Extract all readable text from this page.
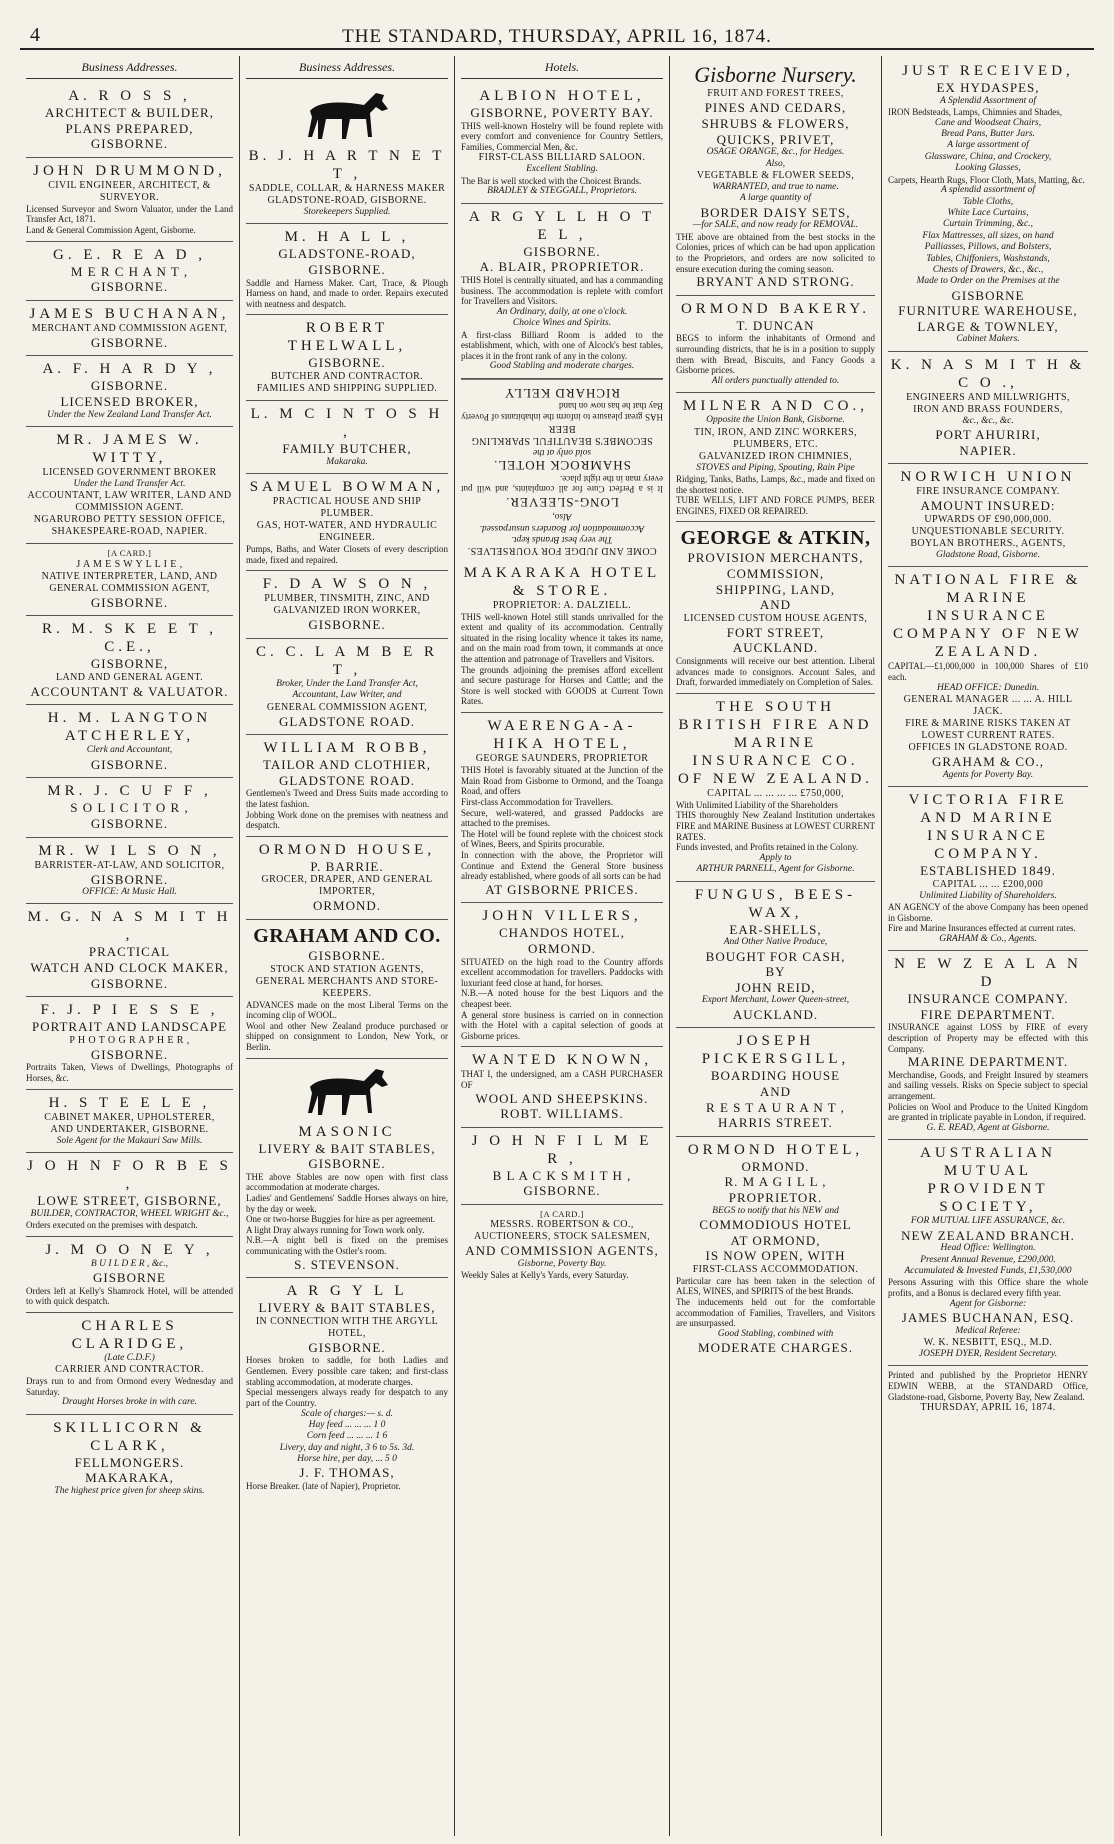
4	THE STANDARD, THURSDAY, APRIL 16, 1874.
Business Addresses.
A. R O S S ,
ARCHITECT & BUILDER,
PLANS PREPARED,
GISBORNE.
JOHN DRUMMOND,
CIVIL ENGINEER, ARCHITECT, & SURVEYOR.
Licensed Surveyor and Sworn Valuator, under the Land Transfer Act, 1871.
Land & General Commission Agent, Gisborne.
G. E. R E A D ,
M E R C H A N T ,
GISBORNE.
JAMES BUCHANAN,
MERCHANT AND COMMISSION AGENT,
GISBORNE.
A. F. H A R D Y ,
GISBORNE.
LICENSED BROKER,
Under the New Zealand Land Transfer Act.
MR. JAMES W. WITTY,
LICENSED GOVERNMENT BROKER
Under the Land Transfer Act.
ACCOUNTANT, LAW WRITER, LAND AND COMMISSION AGENT.
NGARUROBO PETTY SESSION OFFICE, SHAKESPEARE-ROAD, NAPIER.
[A CARD.]
J A M E S W Y L L I E ,
NATIVE INTERPRETER, LAND, AND GENERAL COMMISSION AGENT,
GISBORNE.
R. M. S K E E T , C.E.,
GISBORNE,
LAND AND GENERAL AGENT.
ACCOUNTANT & VALUATOR.
H. M. LANGTON ATCHERLEY,
Clerk and Accountant,
GISBORNE.
MR. J. C U F F ,
S O L I C I T O R ,
GISBORNE.
MR. W I L S O N ,
BARRISTER-AT-LAW, AND SOLICITOR,
GISBORNE.
OFFICE: At Music Hall.
M. G. N A S M I T H ,
PRACTICAL
WATCH AND CLOCK MAKER,
GISBORNE.
F. J. P I E S S E ,
PORTRAIT AND LANDSCAPE
P H O T O G R A P H E R ,
GISBORNE.
Portraits Taken, Views of Dwellings, Photographs of Horses, &c.
H. S T E E L E ,
CABINET MAKER, UPHOLSTERER,
AND UNDERTAKER, GISBORNE.
Sole Agent for the Makauri Saw Mills.
J O H N F O R B E S ,
LOWE STREET, GISBORNE,
BUILDER, CONTRACTOR, WHEEL WRIGHT &c.,
Orders executed on the premises with despatch.
J. M O O N E Y ,
B U I L D E R , &c.,
GISBORNE
Orders left at Kelly's Shamrock Hotel, will be attended to with quick despatch.
CHARLES CLARIDGE,
(Late C.D.F.)
CARRIER AND CONTRACTOR.
Drays run to and from Ormond every Wednesday and Saturday.
Draught Horses broke in with care.
SKILLICORN & CLARK,
FELLMONGERS.
MAKARAKA,
The highest price given for sheep skins.
Business Addresses.
B. J. H A R T N E T T ,
SADDLE, COLLAR, & HARNESS MAKER
GLADSTONE-ROAD, GISBORNE.
Storekeepers Supplied.
M. H A L L ,
GLADSTONE-ROAD,
GISBORNE.
Saddle and Harness Maker. Cart, Trace, & Plough Harness on hand, and made to order. Repairs executed with neatness and despatch.
ROBERT THELWALL,
GISBORNE.
BUTCHER AND CONTRACTOR.
FAMILIES AND SHIPPING SUPPLIED.
L. M C I N T O S H ,
FAMILY BUTCHER,
Makaraka.
SAMUEL BOWMAN,
PRACTICAL HOUSE AND SHIP PLUMBER.
GAS, HOT-WATER, AND HYDRAULIC ENGINEER.
Pumps, Baths, and Water Closets of every description made, fixed and repaired.
F. D A W S O N ,
PLUMBER, TINSMITH, ZINC, AND GALVANIZED IRON WORKER,
GISBORNE.
C. C. L A M B E R T ,
Broker, Under the Land Transfer Act,
Accountant, Law Writer, and
GENERAL COMMISSION AGENT,
GLADSTONE ROAD.
WILLIAM ROBB,
TAILOR AND CLOTHIER,
GLADSTONE ROAD.
Gentlemen's Tweed and Dress Suits made according to the latest fashion.
Jobbing Work done on the premises with neatness and despatch.
ORMOND HOUSE,
P. BARRIE.
GROCER, DRAPER, AND GENERAL IMPORTER,
ORMOND.
GRAHAM AND CO.
GISBORNE.
STOCK AND STATION AGENTS,
GENERAL MERCHANTS AND STORE-KEEPERS.
ADVANCES made on the most Liberal Terms on the incoming clip of WOOL.
Wool and other New Zealand produce purchased or shipped on consignment to London, New York, or Berlin.
MASONIC
LIVERY & BAIT STABLES,
GISBORNE.
THE above Stables are now open with first class accommodation at moderate charges.
Ladies' and Gentlemens' Saddle Horses always on hire, by the day or week.
One or two-horse Buggies for hire as per agreement.
A light Dray always running for Town work only.
N.B.—A night bell is fixed on the premises communicating with the Ostler's room.
S. STEVENSON.
A R G Y L L
LIVERY & BAIT STABLES,
IN CONNECTION WITH THE ARGYLL HOTEL,
GISBORNE.
Horses broken to saddle, for both Ladies and Gentlemen. Every possible care taken; and first-class stabling accommodation, at moderate charges.
Special messengers always ready for despatch to any part of the Country.
Scale of charges:— s. d.
Hay feed ... ... ... 1 0
Corn feed ... ... ... 1 6
Livery, day and night, 3 6 to 5s. 3d.
Horse hire, per day, ... 5 0
J. F. THOMAS,
Horse Breaker. (late of Napier), Proprietor.
Hotels.
ALBION HOTEL,
GISBORNE, POVERTY BAY.
THIS well-known Hostelry will be found replete with every comfort and convenience for Country Settlers, Families, Commercial Men, &c.
FIRST-CLASS BILLIARD SALOON.
Excellent Stabling.
The Bar is well stocked with the Choicest Brands.
BRADLEY & STEGGALL, Proprietors.
A R G Y L L H O T E L ,
GISBORNE.
A. BLAIR, PROPRIETOR.
THIS Hotel is centrally situated, and has a commanding business. The accommodation is replete with comfort for Travellers and Visitors.
An Ordinary, daily, at one o'clock.
Choice Wines and Spirits.
A first-class Billiard Room is added to the establishment, which, with one of Alcock's best tables, places it in the front rank of any in the colony.
Good Stabling and moderate charges.
COME AND JUDGE FOR YOURSELVES.
The very best Brands kept.
Accommodation for Boarders unsurpassed.
Also,
LONG-SLEEVER.
It is a Perfect Cure for all complaints, and will put every man in the right place.
SHAMROCK HOTEL.
sold only at the
SECOMBE'S BEAUTIFUL SPARKLING BEER
HAS great pleasure to inform the inhabitants of Poverty Bay that he has now on hand
RICHARD KELLY
MAKARAKA HOTEL & STORE.
PROPRIETOR: A. DALZIELL.
THIS well-known Hotel still stands unrivalled for the extent and quality of its accommodation. Centrally situated in the rising locality whence it takes its name, and on the main road from town, it commands at once the attention and patronage of Travellers and Visitors.
The grounds adjoining the premises afford excellent and secure pasturage for Horses and Cattle; and the Store is well stocked with GOODS at Current Town Rates.
WAERENGA-A-HIKA HOTEL,
GEORGE SAUNDERS, PROPRIETOR
THIS Hotel is favorably situated at the Junction of the Main Road from Gisborne to Ormond, and the Toanga Road, and offers
First-class Accommodation for Travellers.
Secure, well-watered, and grassed Paddocks are attached to the premises.
The Hotel will be found replete with the choicest stock of Wines, Beers, and Spirits procurable.
In connection with the above, the Proprietor will Continue and Extend the General Store business already established, where goods of all sorts can be had
AT GISBORNE PRICES.
JOHN VILLERS,
CHANDOS HOTEL,
ORMOND.
SITUATED on the high road to the Country affords excellent accommodation for travellers. Paddocks with luxuriant feed close at hand, for horses.
N.B.—A noted house for the best Liquors and the cheapest beer.
A general store business is carried on in connection with the Hotel with a capital selection of goods at Gisborne prices.
WANTED KNOWN,
THAT I, the undersigned, am a CASH PURCHASER OF
WOOL AND SHEEPSKINS.
ROBT. WILLIAMS.
J O H N F I L M E R ,
B L A C K S M I T H ,
GISBORNE.
[A CARD.]
MESSRS. ROBERTSON & CO.,
AUCTIONEERS, STOCK SALESMEN,
AND COMMISSION AGENTS,
Gisborne, Poverty Bay.
Weekly Sales at Kelly's Yards, every Saturday.
Gisborne Nursery.
FRUIT AND FOREST TREES,
PINES AND CEDARS,
SHRUBS & FLOWERS,
QUICKS, PRIVET,
OSAGE ORANGE, &c., for Hedges.
Also,
VEGETABLE & FLOWER SEEDS,
WARRANTED, and true to name.
A large quantity of
BORDER DAISY SETS,
—for SALE, and now ready for REMOVAL.
THE above are obtained from the best stocks in the Colonies, prices of which can be had upon application to the Proprietors, and orders are now solicited to ensure execution during the coming season.
BRYANT AND STRONG.
ORMOND BAKERY.
T. DUNCAN
BEGS to inform the inhabitants of Ormond and surrounding districts, that he is in a position to supply them with Bread, Biscuits, and Fancy Goods a Gisborne prices.
All orders punctually attended to.
MILNER AND CO.,
Opposite the Union Bank, Gisborne.
TIN, IRON, AND ZINC WORKERS, PLUMBERS, ETC.
GALVANIZED IRON CHIMNIES,
STOVES and Piping, Spouting, Rain Pipe
Ridging, Tanks, Baths, Lamps, &c., made and fixed on the shortest notice.
TUBE WELLS, LIFT AND FORCE PUMPS, BEER ENGINES, FIXED OR REPAIRED.
GEORGE & ATKIN,
PROVISION MERCHANTS,
COMMISSION,
SHIPPING, LAND,
AND
LICENSED CUSTOM HOUSE AGENTS,
FORT STREET,
AUCKLAND.
Consignments will receive our best attention. Liberal advances made to consignors. Account Sales, and Draft, forwarded immediately on Completion of Sales.
THE SOUTH BRITISH FIRE AND MARINE INSURANCE CO. OF NEW ZEALAND.
CAPITAL ... ... ... ... £750,000,
With Unlimited Liability of the Shareholders
THIS thoroughly New Zealand Institution undertakes FIRE and MARINE Business at LOWEST CURRENT RATES.
Funds invested, and Profits retained in the Colony.
Apply to
ARTHUR PARNELL, Agent for Gisborne.
FUNGUS, BEES-WAX,
EAR-SHELLS,
And Other Native Produce,
BOUGHT FOR CASH,
BY
JOHN REID,
Export Merchant, Lower Queen-street,
AUCKLAND.
JOSEPH PICKERSGILL,
BOARDING HOUSE
AND
R E S T A U R A N T ,
HARRIS STREET.
ORMOND HOTEL,
ORMOND.
R. M A G I L L ,
PROPRIETOR.
BEGS to notify that his NEW and
COMMODIOUS HOTEL
AT ORMOND,
IS NOW OPEN, WITH
FIRST-CLASS ACCOMMODATION.
Particular care has been taken in the selection of ALES, WINES, and SPIRITS of the best Brands.
The inducements held out for the comfortable accommodation of Families, Travellers, and Visitors are unsurpassed.
Good Stabling, combined with
MODERATE CHARGES.
JUST RECEIVED,
EX HYDASPES,
A Splendid Assortment of
IRON Bedsteads, Lamps, Chimnies and Shades,
Cane and Woodseat Chairs,
Bread Pans, Butter Jars.
A large assortment of
Glassware, China, and Crockery,
Looking Glasses,
Carpets, Hearth Rugs, Floor Cloth, Mats, Matting, &c.
A splendid assortment of
Table Cloths,
White Lace Curtains,
Curtain Trimming, &c.,
Flax Mattresses, all sizes, on hand
Palliasses, Pillows, and Bolsters,
Tables, Chiffoniers, Washstands,
Chests of Drawers, &c., &c.,
Made to Order on the Premises at the
GISBORNE
FURNITURE WAREHOUSE,
LARGE & TOWNLEY,
Cabinet Makers.
K. N A S M I T H & C O .,
ENGINEERS AND MILLWRIGHTS,
IRON AND BRASS FOUNDERS,
&c., &c., &c.
PORT AHURIRI,
NAPIER.
NORWICH UNION
FIRE INSURANCE COMPANY.
AMOUNT INSURED:
UPWARDS OF £90,000,000.
UNQUESTIONABLE SECURITY.
BOYLAN BROTHERS., AGENTS,
Gladstone Road, Gisborne.
NATIONAL FIRE & MARINE INSURANCE COMPANY OF NEW ZEALAND.
CAPITAL—£1,000,000 in 100,000 Shares of £10 each.
HEAD OFFICE: Dunedin.
GENERAL MANAGER ... ... A. HILL JACK.
FIRE & MARINE RISKS TAKEN AT LOWEST CURRENT RATES.
OFFICES IN GLADSTONE ROAD.
GRAHAM & CO.,
Agents for Poverty Bay.
VICTORIA FIRE AND MARINE INSURANCE COMPANY.
ESTABLISHED 1849.
CAPITAL ... ... £200,000
Unlimited Liability of Shareholders.
AN AGENCY of the above Company has been opened in Gisborne.
Fire and Marine Insurances effected at current rates.
GRAHAM & Co., Agents.
N E W Z E A L A N D
INSURANCE COMPANY.
FIRE DEPARTMENT.
INSURANCE against LOSS by FIRE of every description of Property may be effected with this Company.
MARINE DEPARTMENT.
Merchandise, Goods, and Freight Insured by steamers and sailing vessels. Risks on Specie subject to special arrangement.
Policies on Wool and Produce to the United Kingdom are granted in triplicate payable in London, if required.
G. E. READ, Agent at Gisborne.
AUSTRALIAN MUTUAL PROVIDENT SOCIETY,
FOR MUTUAL LIFE ASSURANCE, &c.
NEW ZEALAND BRANCH.
Head Office: Wellington.
Present Annual Revenue, £290,000.
Accumulated & Invested Funds, £1,530,000
Persons Assuring with this Office share the whole profits, and a Bonus is declared every fifth year.
Agent for Gisborne:
JAMES BUCHANAN, ESQ.
Medical Referee:
W. K. NESBITT, ESQ., M.D.
JOSEPH DYER, Resident Secretary.
Printed and published by the Proprietor HENRY EDWIN WEBB, at the STANDARD Office, Gladstone-road, Gisborne, Poverty Bay, New Zealand.
THURSDAY, APRIL 16, 1874.
